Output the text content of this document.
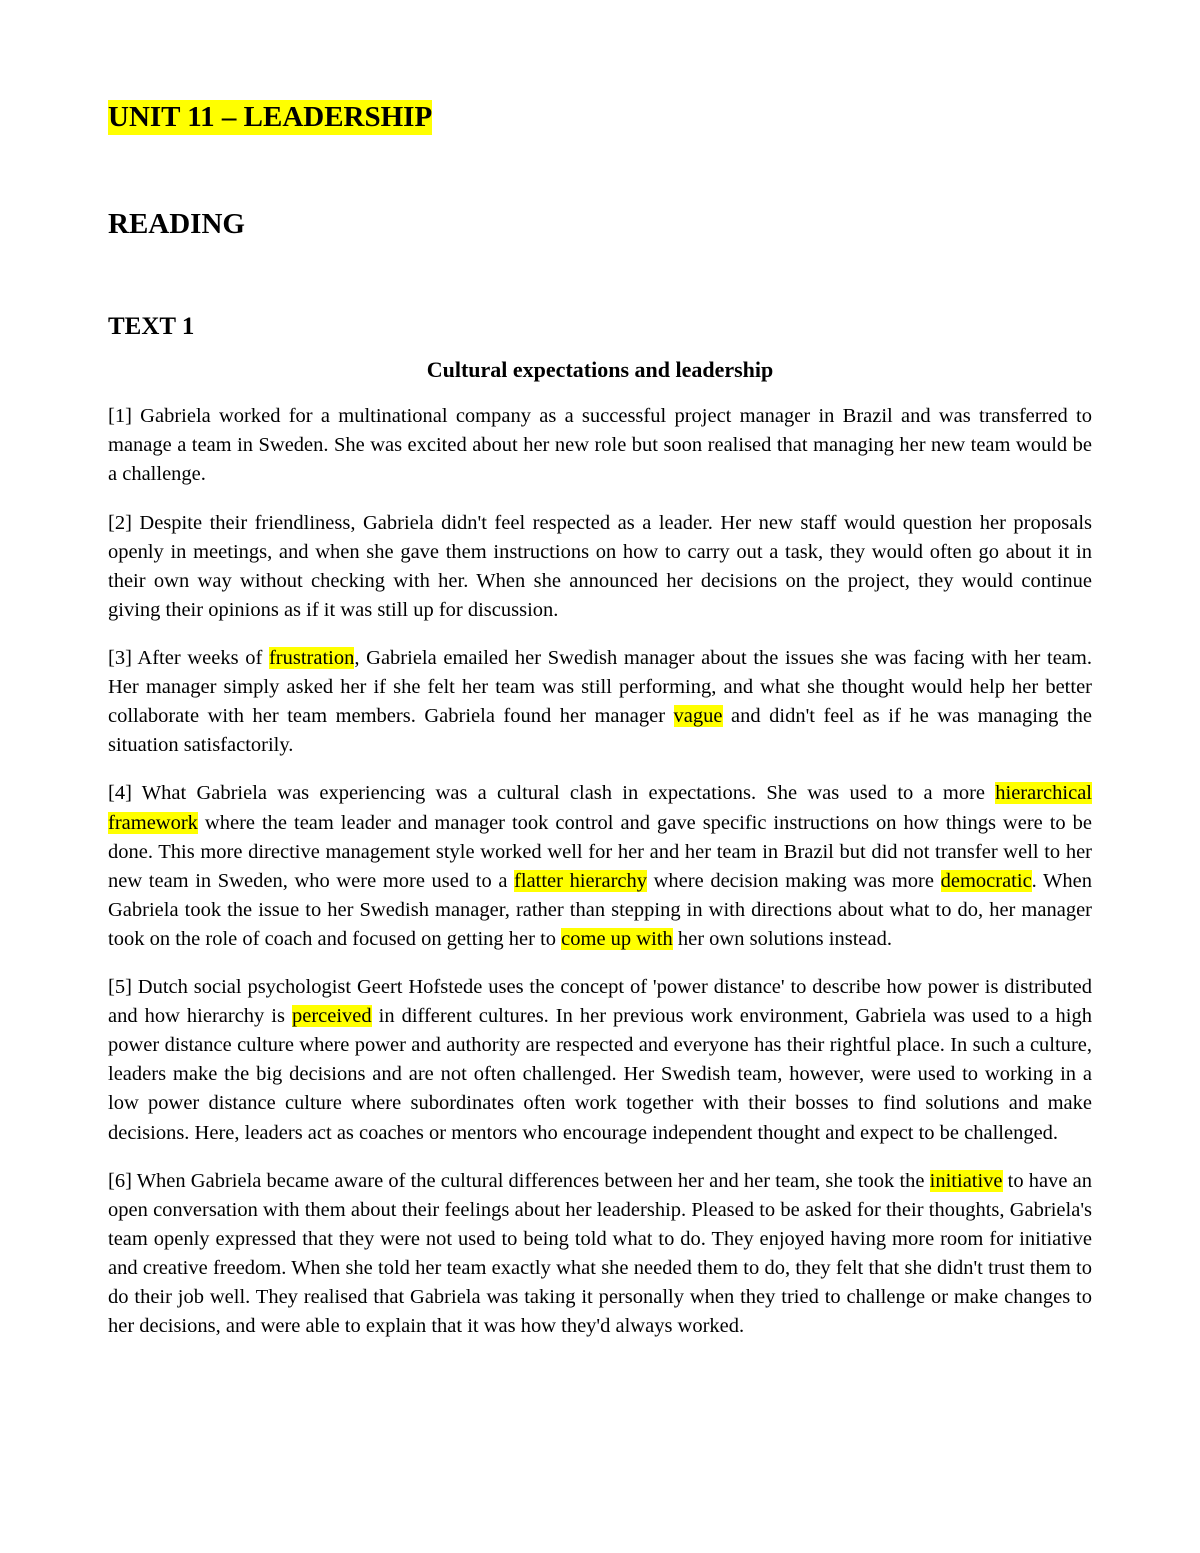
UNIT 11 – LEADERSHIP
READING
TEXT 1
Cultural expectations and leadership

[1] Gabriela worked for a multinational company as a successful project manager in Brazil and was transferred to manage a team in Sweden. She was excited about her new role but soon realised that managing her new team would be a challenge.

[2] Despite their friendliness, Gabriela didn't feel respected as a leader. Her new staff would question her proposals openly in meetings, and when she gave them instructions on how to carry out a task, they would often go about it in their own way without checking with her. When she announced her decisions on the project, they would continue giving their opinions as if it was still up for discussion.

[3] After weeks of frustration, Gabriela emailed her Swedish manager about the issues she was facing with her team. Her manager simply asked her if she felt her team was still performing, and what she thought would help her better collaborate with her team members. Gabriela found her manager vague and didn't feel as if he was managing the situation satisfactorily.

[4] What Gabriela was experiencing was a cultural clash in expectations. She was used to a more hierarchical framework where the team leader and manager took control and gave specific instructions on how things were to be done. This more directive management style worked well for her and her team in Brazil but did not transfer well to her new team in Sweden, who were more used to a flatter hierarchy where decision making was more democratic. When Gabriela took the issue to her Swedish manager, rather than stepping in with directions about what to do, her manager took on the role of coach and focused on getting her to come up with her own solutions instead.

[5] Dutch social psychologist Geert Hofstede uses the concept of 'power distance' to describe how power is distributed and how hierarchy is perceived in different cultures. In her previous work environment, Gabriela was used to a high power distance culture where power and authority are respected and everyone has their rightful place. In such a culture, leaders make the big decisions and are not often challenged. Her Swedish team, however, were used to working in a low power distance culture where subordinates often work together with their bosses to find solutions and make decisions. Here, leaders act as coaches or mentors who encourage independent thought and expect to be challenged.

[6] When Gabriela became aware of the cultural differences between her and her team, she took the initiative to have an open conversation with them about their feelings about her leadership. Pleased to be asked for their thoughts, Gabriela's team openly expressed that they were not used to being told what to do. They enjoyed having more room for initiative and creative freedom. When she told her team exactly what she needed them to do, they felt that she didn't trust them to do their job well. They realised that Gabriela was taking it personally when they tried to challenge or make changes to her decisions, and were able to explain that it was how they'd always worked.
